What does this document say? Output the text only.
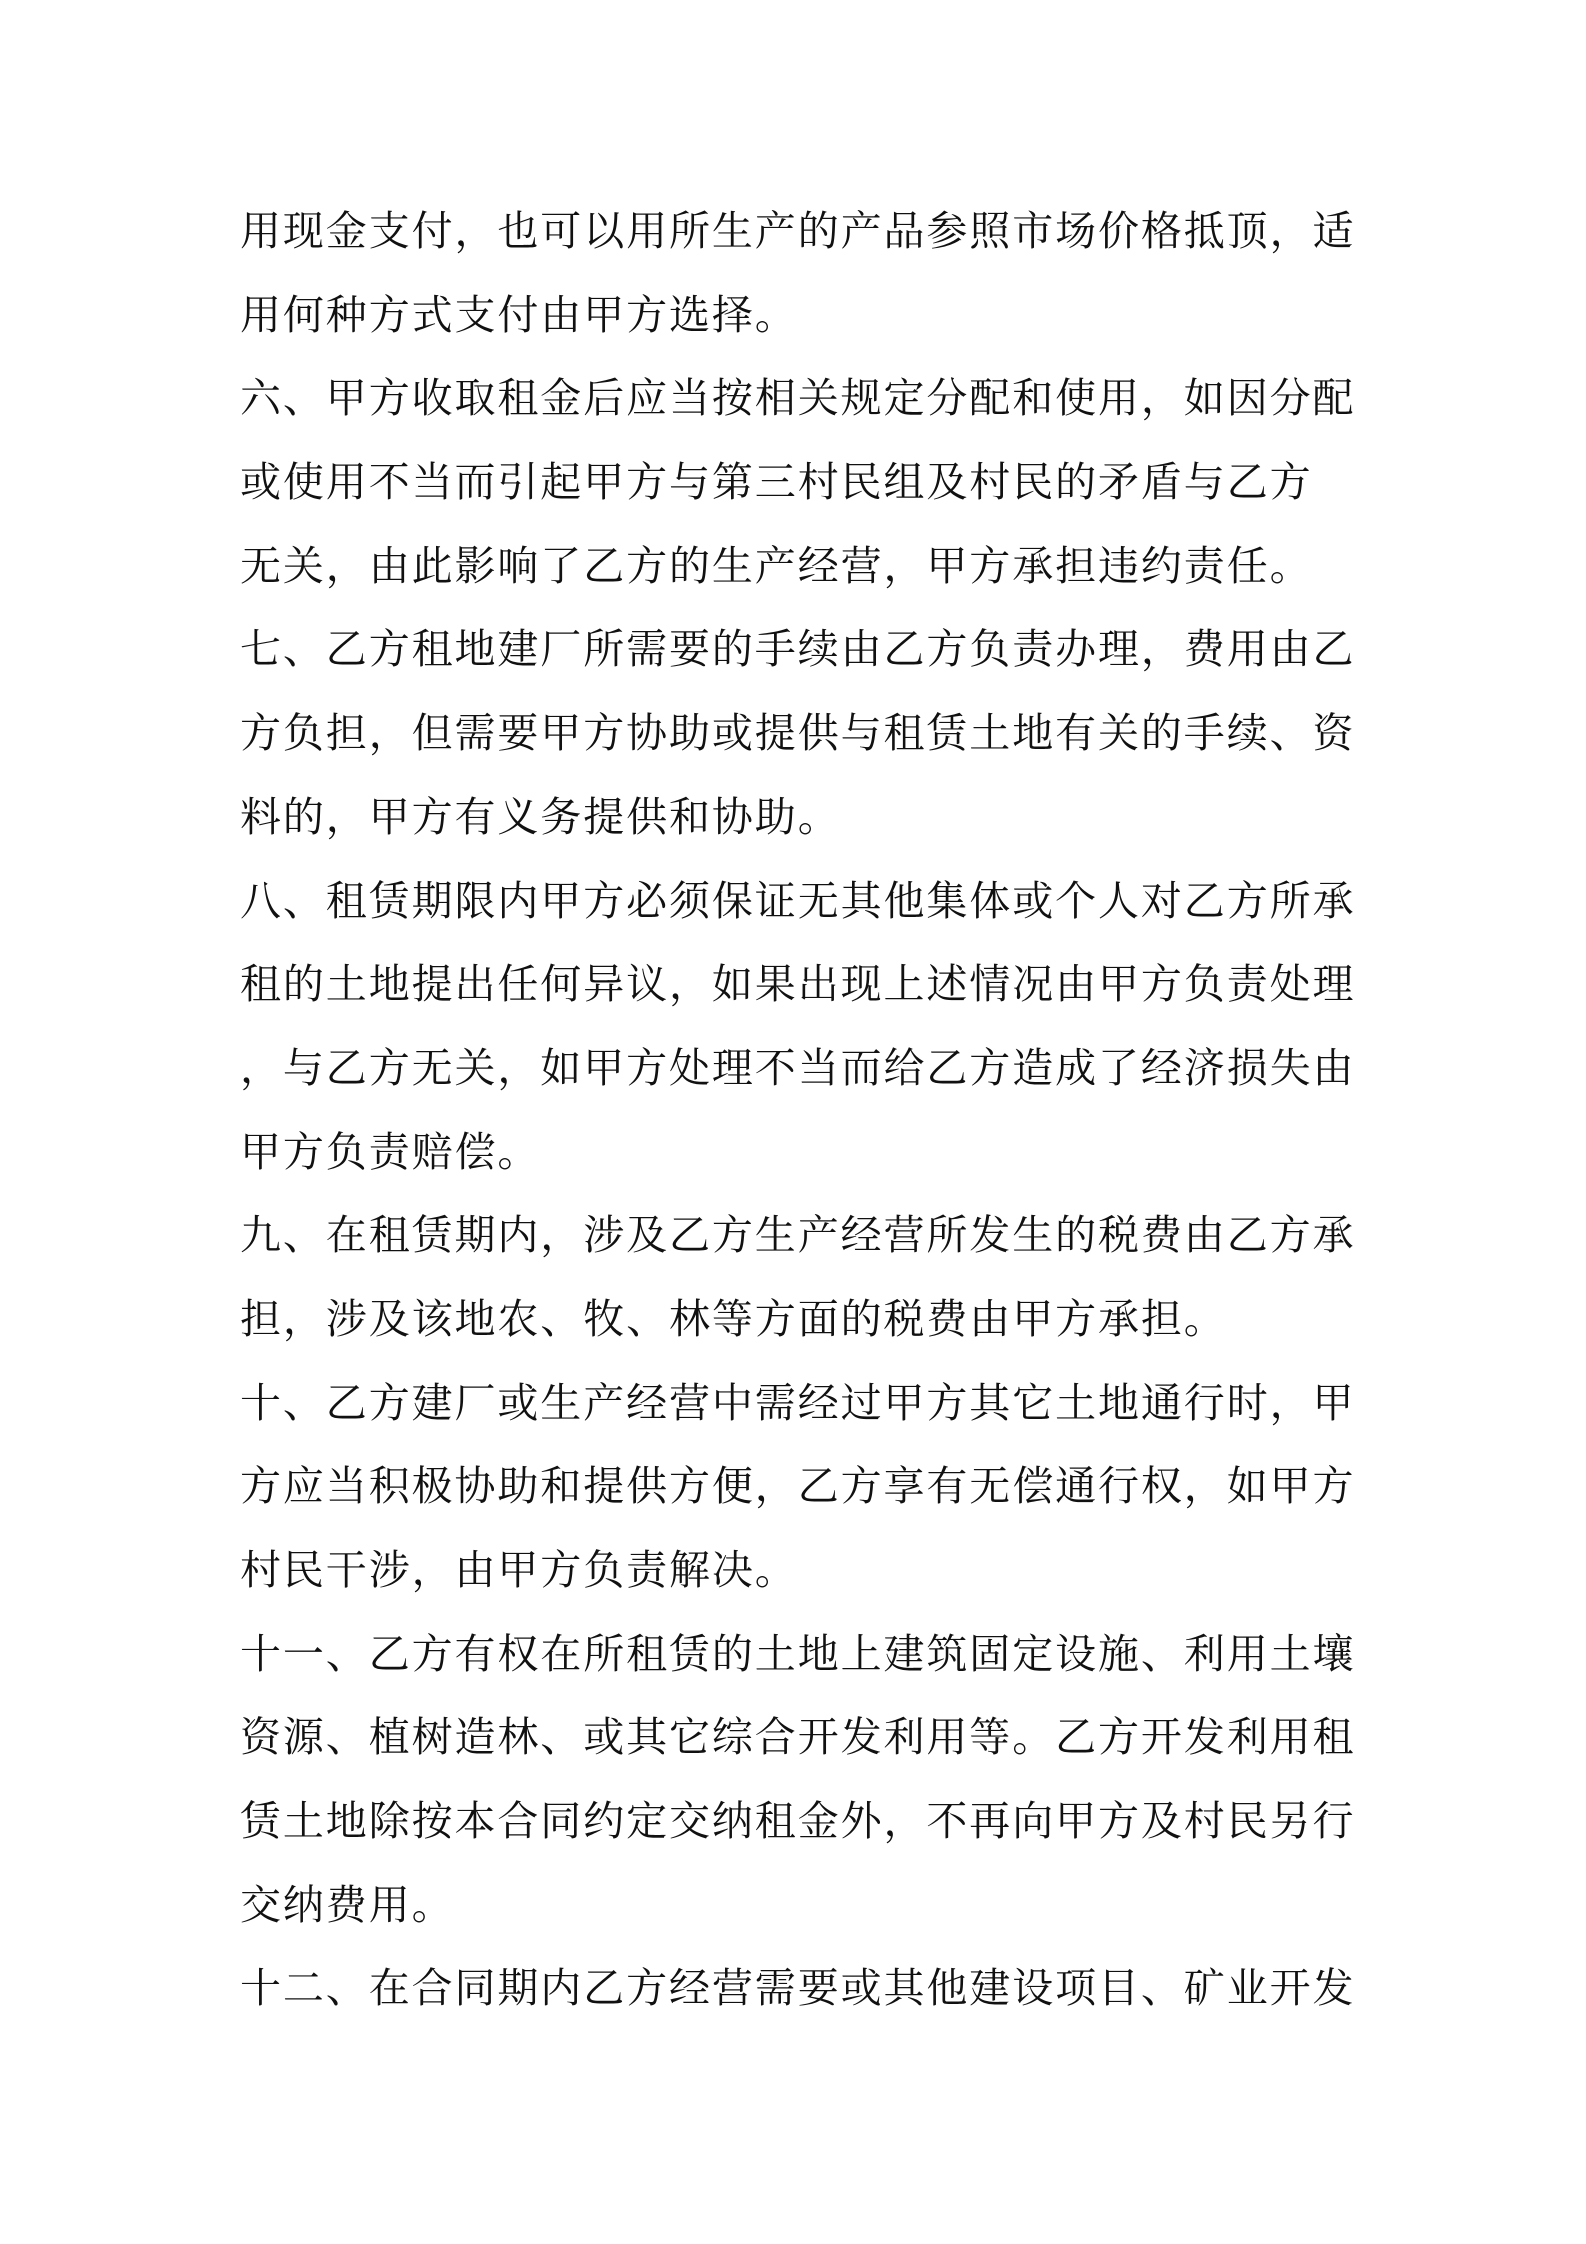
用现金支付，也可以用所生产的产品参照市场价格抵顶，适
用何种方式支付由甲方选择。
六、甲方收取租金后应当按相关规定分配和使用，如因分配
或使用不当而引起甲方与第三村民组及村民的矛盾与乙方
无关，由此影响了乙方的生产经营，甲方承担违约责任。
七、乙方租地建厂所需要的手续由乙方负责办理，费用由乙
方负担，但需要甲方协助或提供与租赁土地有关的手续、资
料的，甲方有义务提供和协助。
八、租赁期限内甲方必须保证无其他集体或个人对乙方所承
租的土地提出任何异议，如果出现上述情况由甲方负责处理
，与乙方无关，如甲方处理不当而给乙方造成了经济损失由
甲方负责赔偿。
九、在租赁期内，涉及乙方生产经营所发生的税费由乙方承
担，涉及该地农、牧、林等方面的税费由甲方承担。
十、乙方建厂或生产经营中需经过甲方其它土地通行时，甲
方应当积极协助和提供方便，乙方享有无偿通行权，如甲方
村民干涉，由甲方负责解决。
十一、乙方有权在所租赁的土地上建筑固定设施、利用土壤
资源、植树造林、或其它综合开发利用等。乙方开发利用租
赁土地除按本合同约定交纳租金外，不再向甲方及村民另行
交纳费用。
十二、在合同期内乙方经营需要或其他建设项目、矿业开发
